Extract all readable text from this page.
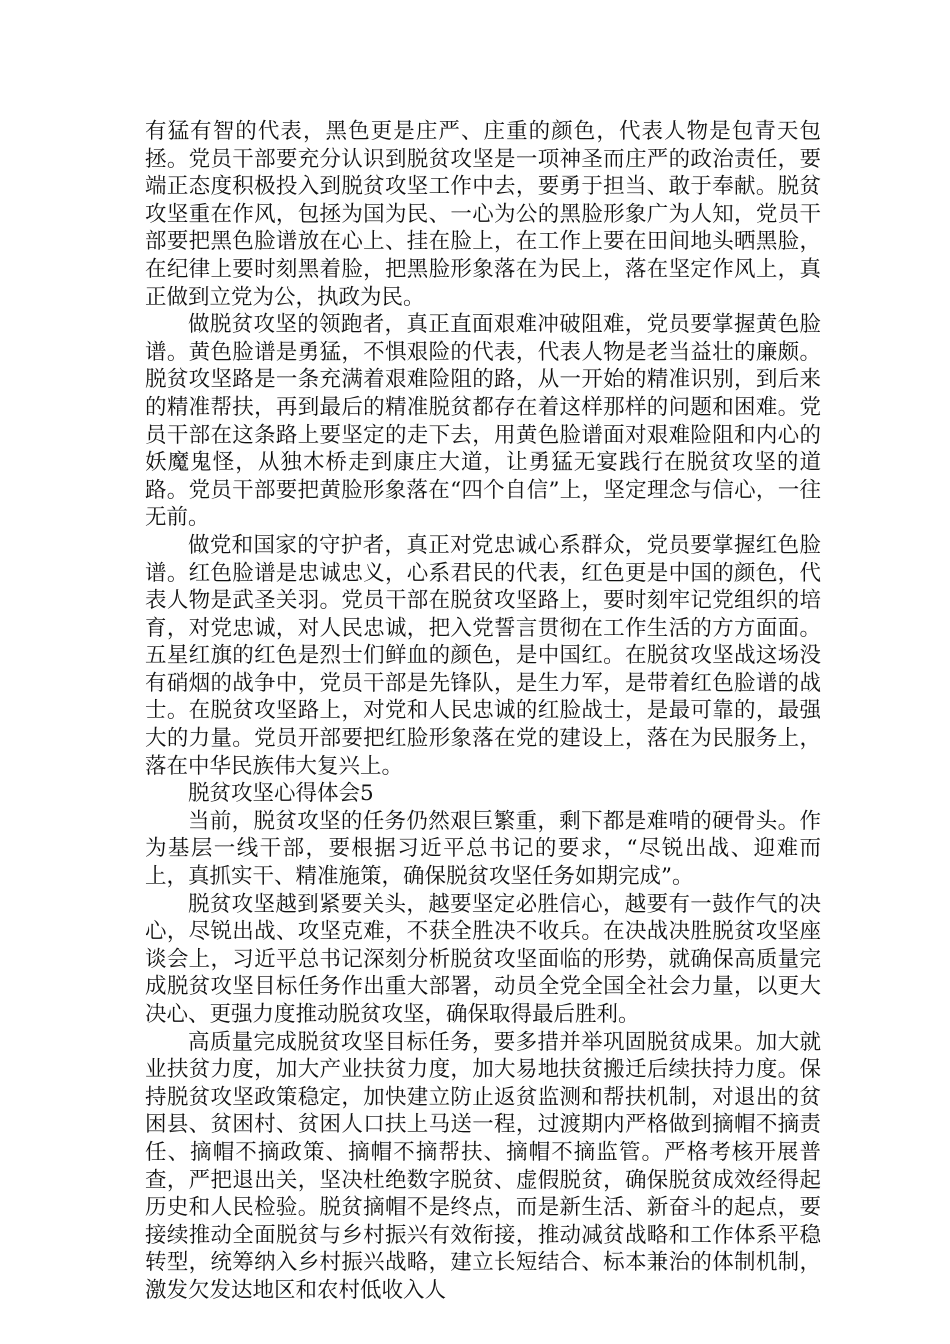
有猛有智的代表，黑色更是庄严、庄重的颜色，代表人物是包青天包拯。党员干部要充分认识到脱贫攻坚是一项神圣而庄严的政治责任，要端正态度积极投入到脱贫攻坚工作中去，要勇于担当、敢于奉献。脱贫攻坚重在作风，包拯为国为民、一心为公的黑脸形象广为人知，党员干部要把黑色脸谱放在心上、挂在脸上，在工作上要在田间地头晒黑脸，在纪律上要时刻黑着脸，把黑脸形象落在为民上，落在坚定作风上，真正做到立党为公，执政为民。

做脱贫攻坚的领跑者，真正直面艰难冲破阻难，党员要掌握黄色脸谱。黄色脸谱是勇猛，不惧艰险的代表，代表人物是老当益壮的廉颇。脱贫攻坚路是一条充满着艰难险阻的路，从一开始的精准识别，到后来的精准帮扶，再到最后的精准脱贫都存在着这样那样的问题和困难。党员干部在这条路上要坚定的走下去，用黄色脸谱面对艰难险阻和内心的妖魔鬼怪，从独木桥走到康庄大道，让勇猛无宴践行在脱贫攻坚的道路。党员干部要把黄脸形象落在“四个自信”上，坚定理念与信心，一往无前。

做党和国家的守护者，真正对党忠诚心系群众，党员要掌握红色脸谱。红色脸谱是忠诚忠义，心系君民的代表，红色更是中国的颜色，代表人物是武圣关羽。党员干部在脱贫攻坚路上，要时刻牢记党组织的培育，对党忠诚，对人民忠诚，把入党誓言贯彻在工作生活的方方面面。五星红旗的红色是烈士们鲜血的颜色，是中国红。在脱贫攻坚战这场没有硝烟的战争中，党员干部是先锋队，是生力军，是带着红色脸谱的战士。在脱贫攻坚路上，对党和人民忠诚的红脸战士，是最可靠的，最强大的力量。党员开部要把红脸形象落在党的建设上，落在为民服务上，落在中华民族伟大复兴上。

脱贫攻坚心得体会5

当前，脱贫攻坚的任务仍然艰巨繁重，剩下都是难啃的硬骨头。作为基层一线干部，要根据习近平总书记的要求，“尽锐出战、迎难而上，真抓实干、精准施策，确保脱贫攻坚任务如期完成”。

脱贫攻坚越到紧要关头，越要坚定必胜信心，越要有一鼓作气的决心，尽锐出战、攻坚克难，不获全胜决不收兵。在决战决胜脱贫攻坚座谈会上，习近平总书记深刻分析脱贫攻坚面临的形势，就确保高质量完成脱贫攻坚目标任务作出重大部署，动员全党全国全社会力量，以更大决心、更强力度推动脱贫攻坚，确保取得最后胜利。

高质量完成脱贫攻坚目标任务，要多措并举巩固脱贫成果。加大就业扶贫力度，加大产业扶贫力度，加大易地扶贫搬迁后续扶持力度。保持脱贫攻坚政策稳定，加快建立防止返贫监测和帮扶机制，对退出的贫困县、贫困村、贫困人口扶上马送一程，过渡期内严格做到摘帽不摘责任、摘帽不摘政策、摘帽不摘帮扶、摘帽不摘监管。严格考核开展普查，严把退出关，坚决杜绝数字脱贫、虚假脱贫，确保脱贫成效经得起历史和人民检验。脱贫摘帽不是终点，而是新生活、新奋斗的起点，要接续推动全面脱贫与乡村振兴有效衔接，推动减贫战略和工作体系平稳转型，统筹纳入乡村振兴战略，建立长短结合、标本兼治的体制机制，激发欠发达地区和农村低收入人
